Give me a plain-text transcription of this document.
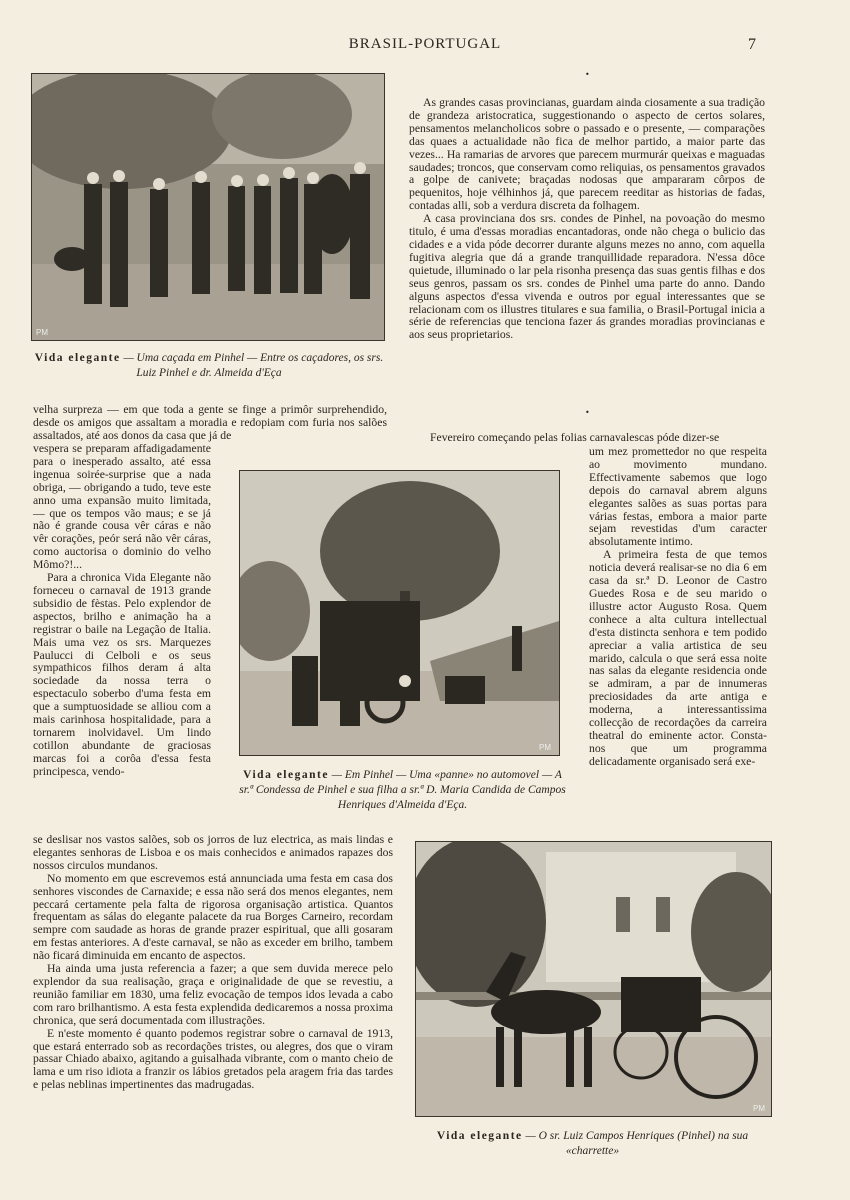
BRASIL-PORTUGAL	7
PM
Vida elegante — Uma caçada em Pinhel — Entre os caçadores, os srs. Luiz Pinhel e dr. Almeida d'Eça
•

As grandes casas provincianas, guardam ainda ciosamente a sua tradição de grandeza aristocratica, suggestionando o aspecto de certos solares, pensamentos melancholicos sobre o passado e o presente, — comparações das quaes a actualidade não fica de melhor partido, a maior parte das vezes... Ha ramarias de arvores que parecem murmurár queixas e maguadas saudades; troncos, que conservam como reliquias, os pensamentos gravados a golpe de canivete; braçadas nodosas que ampararam côrpos de pequenitos, hoje vélhinhos já, que parecem reeditar as historias de fadas, contadas alli, sob a verdura discreta da folhagem.

A casa provinciana dos srs. condes de Pinhel, na povoação do mesmo titulo, é uma d'essas moradias encantadoras, onde não chega o bulicio das cidades e a vida póde decorrer durante alguns mezes no anno, com aquella fugitiva alegria que dá a grande tranquillidade reparadora. N'essa dôce quietude, illuminado o lar pela risonha presença das suas gentis filhas e dos seus genros, passam os srs. condes de Pinhel uma parte do anno. Dando alguns aspectos d'essa vivenda e outros por egual interessantes que se relacionam com os illustres titulares e sua familia, o Brasil-Portugal inicia a série de referencias que tenciona fazer ás grandes moradias provincianas e aos seus proprietarios.

•

velha surpreza — em que toda a gente se finge a primôr surprehendido, desde os amigos que assaltam a moradia e redopiam com furia nos salões assaltados, até aos donos da casa que já de

vespera se preparam affadigadamente para o inesperado assalto, até essa ingenua soirée-surprise que a nada obriga, — obrigando a tudo, teve este anno uma expansão muito limitada, — que os tempos vão maus; e se já não é grande cousa vêr cáras e não vêr corações, peór será não vêr cáras, como auctorisa o dominio do velho Mômo?!...

Para a chronica Vida Elegante não forneceu o carnaval de 1913 grande subsidio de fèstas. Pelo explendor de aspectos, brilho e animação ha a registrar o baile na Legação de Italia. Mais uma vez os srs. Marquezes Paulucci di Celboli e os seus sympathicos filhos deram á alta sociedade da nossa terra o espectaculo soberbo d'uma festa em que a sumptuosidade se alliou com a mais carinhosa hospitalidade, para a tornarem inolvidavel. Um lindo cotillon abundante de graciosas marcas foi a corôa d'essa festa principesca, vendo-

Fevereiro começando pelas folias carnavalescas póde dizer-se

PM
Vida elegante — Em Pinhel — Uma «panne» no automovel — A sr.ª Condessa de Pinhel e sua filha a sr.ª D. Maria Candida de Campos Henriques d'Almeida d'Eça.

um mez promettedor no que respeita ao movimento mundano. Effectivamente sabemos que logo depois do carnaval abrem alguns elegantes salões as suas portas para várias festas, embora a maior parte sejam revestidas d'um caracter absolutamente intimo.

A primeira festa de que temos noticia deverá realisar-se no dia 6 em casa da sr.ª D. Leonor de Castro Guedes Rosa e de seu marido o illustre actor Augusto Rosa. Quem conhece a alta cultura intellectual d'esta distincta senhora e tem podido apreciar a valia artistica de seu marido, calcula o que será essa noite nas salas da elegante residencia onde se admiram, a par de innumeras preciosidades da arte antiga e moderna, a interessantissima collecção de recordações da carreira theatral do eminente actor. Consta-nos que um programma delicadamente organisado será exe-

se deslisar nos vastos salões, sob os jorros de luz electrica, as mais lindas e elegantes senhoras de Lisboa e os mais conhecidos e animados rapazes dos nossos circulos mundanos.

No momento em que escrevemos está annunciada uma festa em casa dos senhores viscondes de Carnaxide; e essa não será dos menos elegantes, nem peccará certamente pela falta de rigorosa organisação artistica. Quantos frequentam as sálas do elegante palacete da rua Borges Carneiro, recordam sempre com saudade as horas de grande prazer espiritual, que alli gosaram em festas anteriores. A d'este carnaval, se não as exceder em brilho, tambem não ficará diminuida em encanto de aspectos.

Ha ainda uma justa referencia a fazer; a que sem duvida merece pelo explendor da sua realisação, graça e originalidade de que se revestiu, a reunião familiar em 1830, uma feliz evocação de tempos idos levada a cabo com raro brilhantismo. A esta festa explendida dedicaremos a nossa proxima chronica, que será documentada com illustrações.

E n'este momento é quanto podemos registrar sobre o carnaval de 1913, que estará enterrado sob as recordações tristes, ou alegres, dos que o viram passar Chiado abaixo, agitando a guisalhada vibrante, com o manto cheio de lama e um riso idiota a franzir os lábios gretados pela aragem fria das tardes e pelas neblinas impertinentes das madrugadas.

PM
Vida elegante — O sr. Luiz Campos Henriques (Pinhel) na sua «charrette»
